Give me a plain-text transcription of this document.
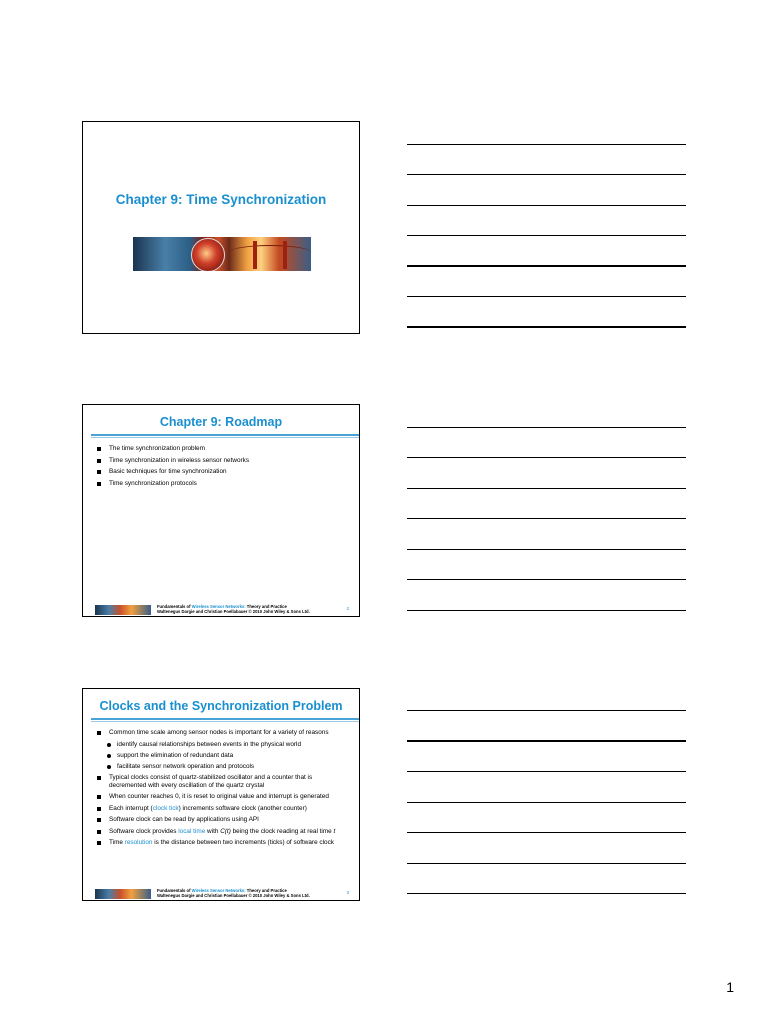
Chapter 9: Time Synchronization
Chapter 9: Roadmap
The time synchronization problem
Time synchronization in wireless sensor networks
Basic techniques for time synchronization
Time synchronization protocols
Fundamentals of Wireless Sensor Networks: Theory and Practice
Waltenegus Dargie and Christian Poellabauer © 2010 John Wiley & Sons Ltd.
2
Clocks and the Synchronization Problem
Common time scale among sensor nodes is important for a variety of reasons
identify causal relationships between events in the physical world
support the elimination of redundant data
facilitate sensor network operation and protocols
Typical clocks consist of quartz-stabilized oscillator and a counter that is decremented with every oscillation of the quartz crystal
When counter reaches 0, it is reset to original value and interrupt is generated
Each interrupt (clock tick) increments software clock (another counter)
Software clock can be read by applications using API
Software clock provides local time with C(t) being the clock reading at real time t
Time resolution is the distance between two increments (ticks) of software clock
Fundamentals of Wireless Sensor Networks: Theory and Practice
Waltenegus Dargie and Christian Poellabauer © 2010 John Wiley & Sons Ltd.
3
1
